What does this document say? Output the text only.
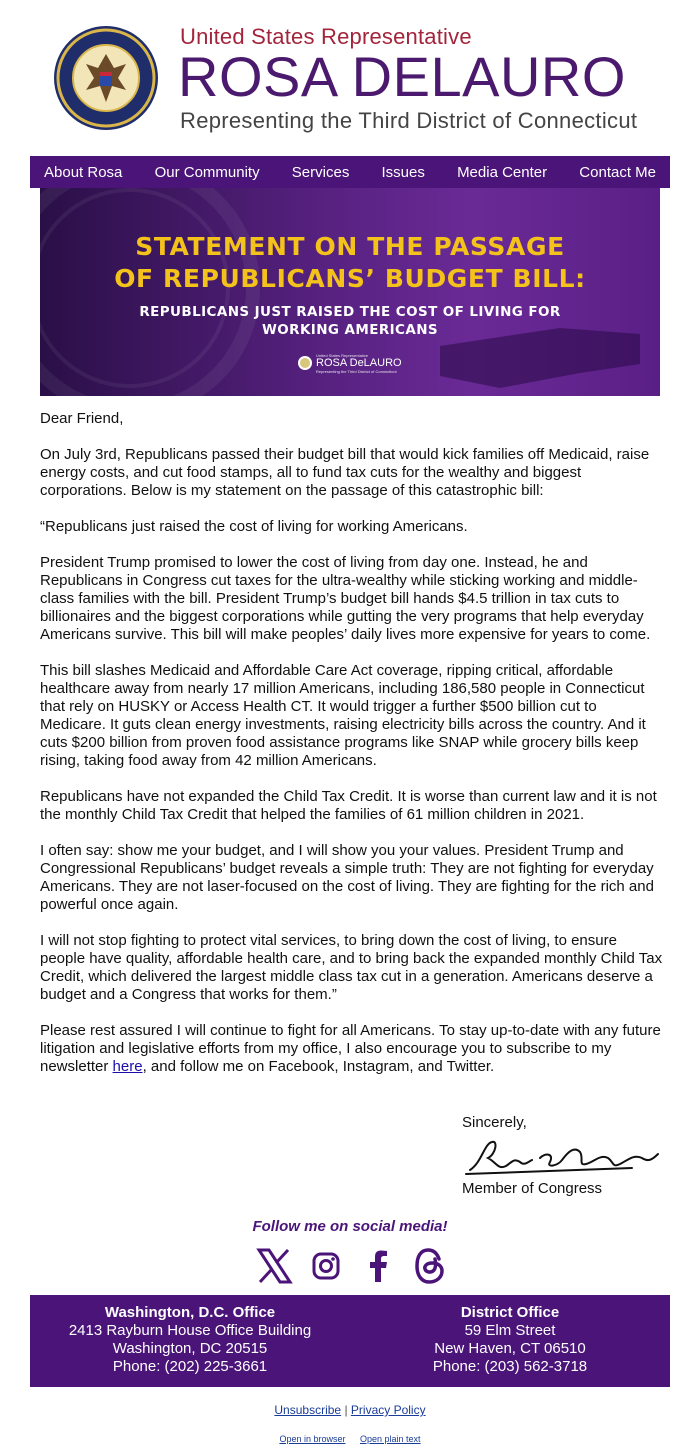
United States Representative
ROSA DELAURO
Representing the Third District of Connecticut
About Rosa Our Community Services Issues Media Center Contact Me
STATEMENT ON THE PASSAGE
OF REPUBLICANS’ BUDGET BILL:
REPUBLICANS JUST RAISED THE COST OF LIVING FOR
WORKING AMERICANS
United States Representative
ROSA DeLAURO
Representing the Third District of Connecticut

Dear Friend,

On July 3rd, Republicans passed their budget bill that would kick families off Medicaid, raise energy costs, and cut food stamps, all to fund tax cuts for the wealthy and biggest corporations. Below is my statement on the passage of this catastrophic bill:

“Republicans just raised the cost of living for working Americans.

President Trump promised to lower the cost of living from day one. Instead, he and Republicans in Congress cut taxes for the ultra-wealthy while sticking working and middle-class families with the bill. President Trump’s budget bill hands $4.5 trillion in tax cuts to billionaires and the biggest corporations while gutting the very programs that help everyday Americans survive. This bill will make peoples’ daily lives more expensive for years to come.

This bill slashes Medicaid and Affordable Care Act coverage, ripping critical, affordable healthcare away from nearly 17 million Americans, including 186,580 people in Connecticut that rely on HUSKY or Access Health CT. It would trigger a further $500 billion cut to Medicare. It guts clean energy investments, raising electricity bills across the country. And it cuts $200 billion from proven food assistance programs like SNAP while grocery bills keep rising, taking food away from 42 million Americans.

Republicans have not expanded the Child Tax Credit. It is worse than current law and it is not the monthly Child Tax Credit that helped the families of 61 million children in 2021.

I often say: show me your budget, and I will show you your values. President Trump and Congressional Republicans’ budget reveals a simple truth: They are not fighting for everyday Americans. They are not laser-focused on the cost of living. They are fighting for the rich and powerful once again.

I will not stop fighting to protect vital services, to bring down the cost of living, to ensure people have quality, affordable health care, and to bring back the expanded monthly Child Tax Credit, which delivered the largest middle class tax cut in a generation. Americans deserve a budget and a Congress that works for them.”

Please rest assured I will continue to fight for all Americans. To stay up-to-date with any future litigation and legislative efforts from my office, I also encourage you to subscribe to my newsletter here, and follow me on Facebook, Instagram, and Twitter.

Sincerely,
Member of Congress
Follow me on social media!
Washington, D.C. Office
2413 Rayburn House Office Building
Washington, DC 20515
Phone: (202) 225-3661
District Office
59 Elm Street
New Haven, CT 06510
Phone: (203) 562-3718
Unsubscribe | Privacy Policy
Open in browser Open plain text
